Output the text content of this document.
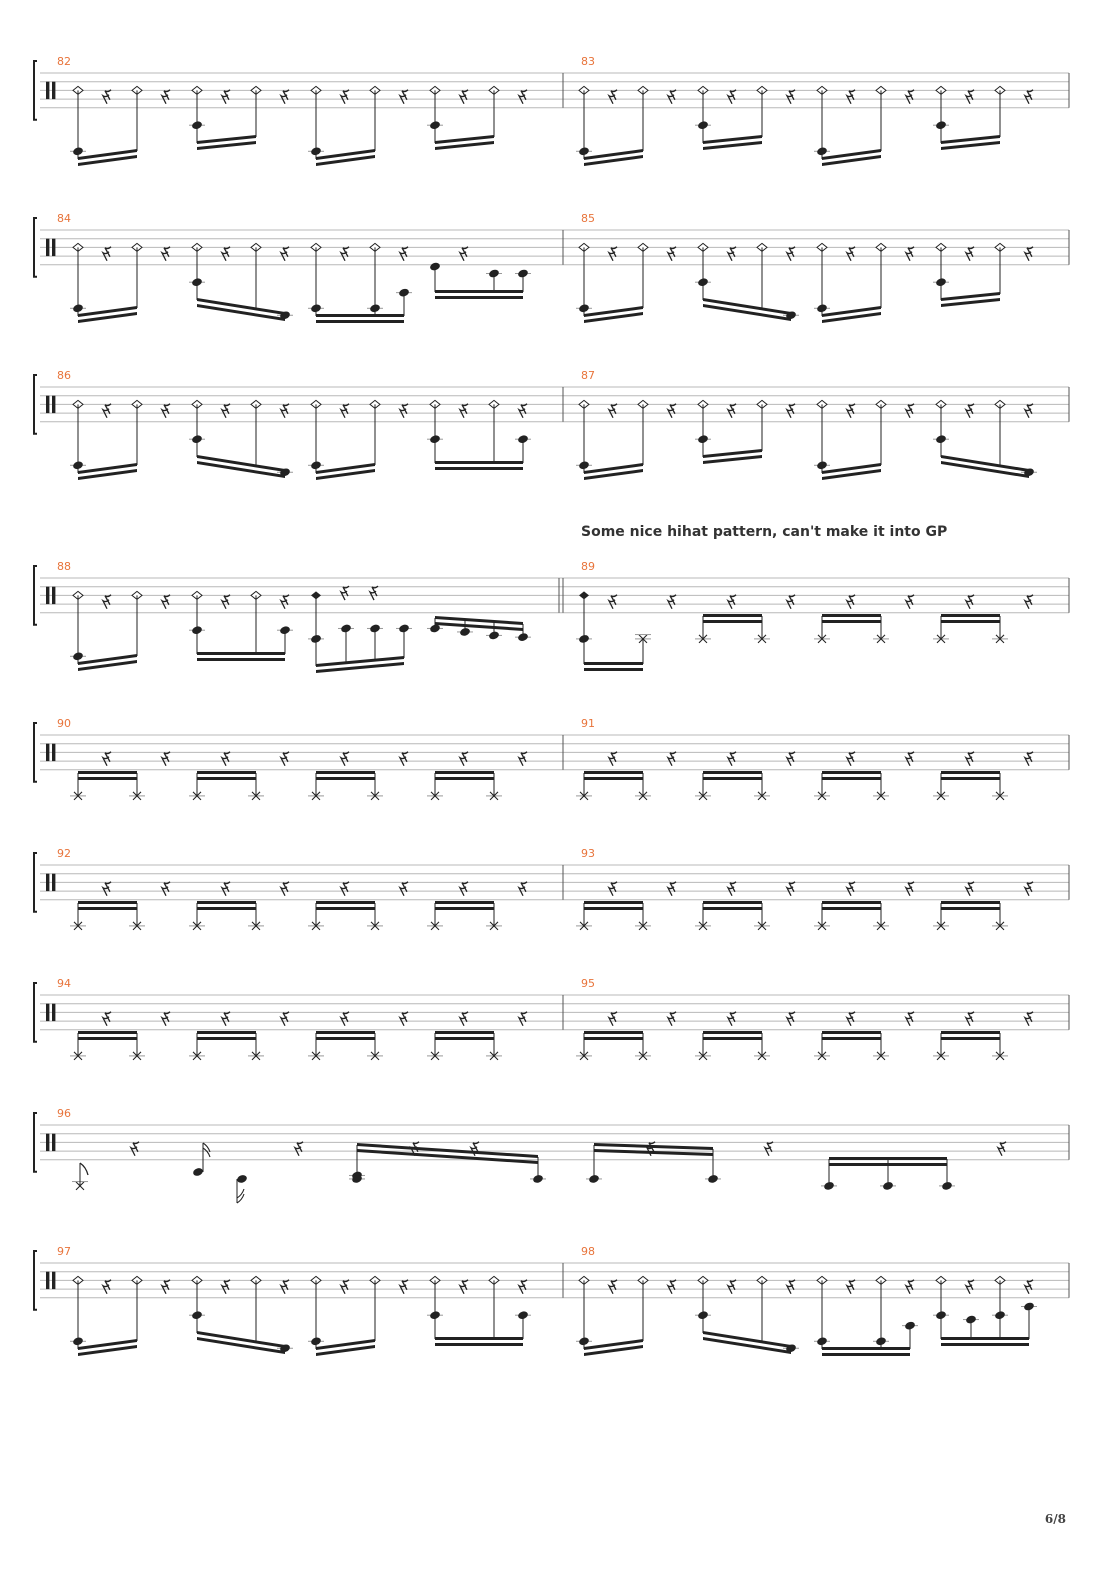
82	83
84	85
86	87
88	89
90	91
92	93
94	95
96
97	98
Some nice hihat pattern, can't make it into GP
6/8
